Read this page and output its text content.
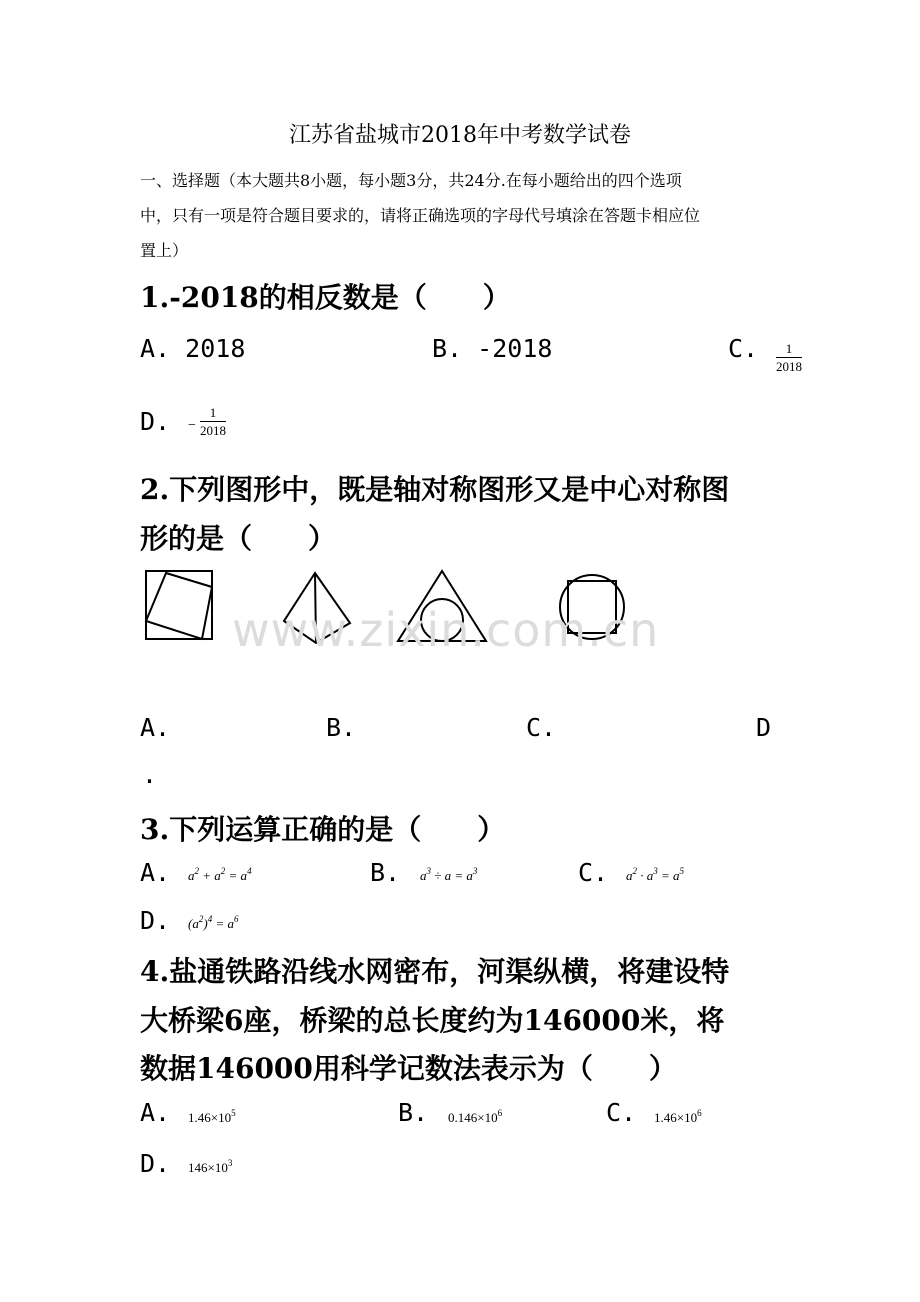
江苏省盐城市2018年中考数学试卷
一、选择题（本大题共8小题，每小题3分，共24分.在每小题给出的四个选项
中，只有一项是符合题目要求的，请将正确选项的字母代号填涂在答题卡相应位
置上）
1.-2018的相反数是（　　）
A. 2018	B. -2018	C. $\frac{1}{2018}$
D. − $\frac{1}{2018}$
2.下列图形中，既是轴对称图形又是中心对称图
形的是（　　）
www.zixin.com.cn
A.	B.	C.	D
.
3.下列运算正确的是（　　）
A. $a^2 + a^2 = a^4$	B. $a^3 \div a = a^3$	C. $a^2 \cdot a^3 = a^5$
D. $(a^2)^4 = a^6$
4.盐通铁路沿线水网密布，河渠纵横，将建设特
大桥梁6座，桥梁的总长度约为146000米，将
数据146000用科学记数法表示为（　　）
A. $1.46\times 10^5$	B. $0.146\times 10^6$	C. $1.46\times 10^6$
D. $146\times 10^3$
